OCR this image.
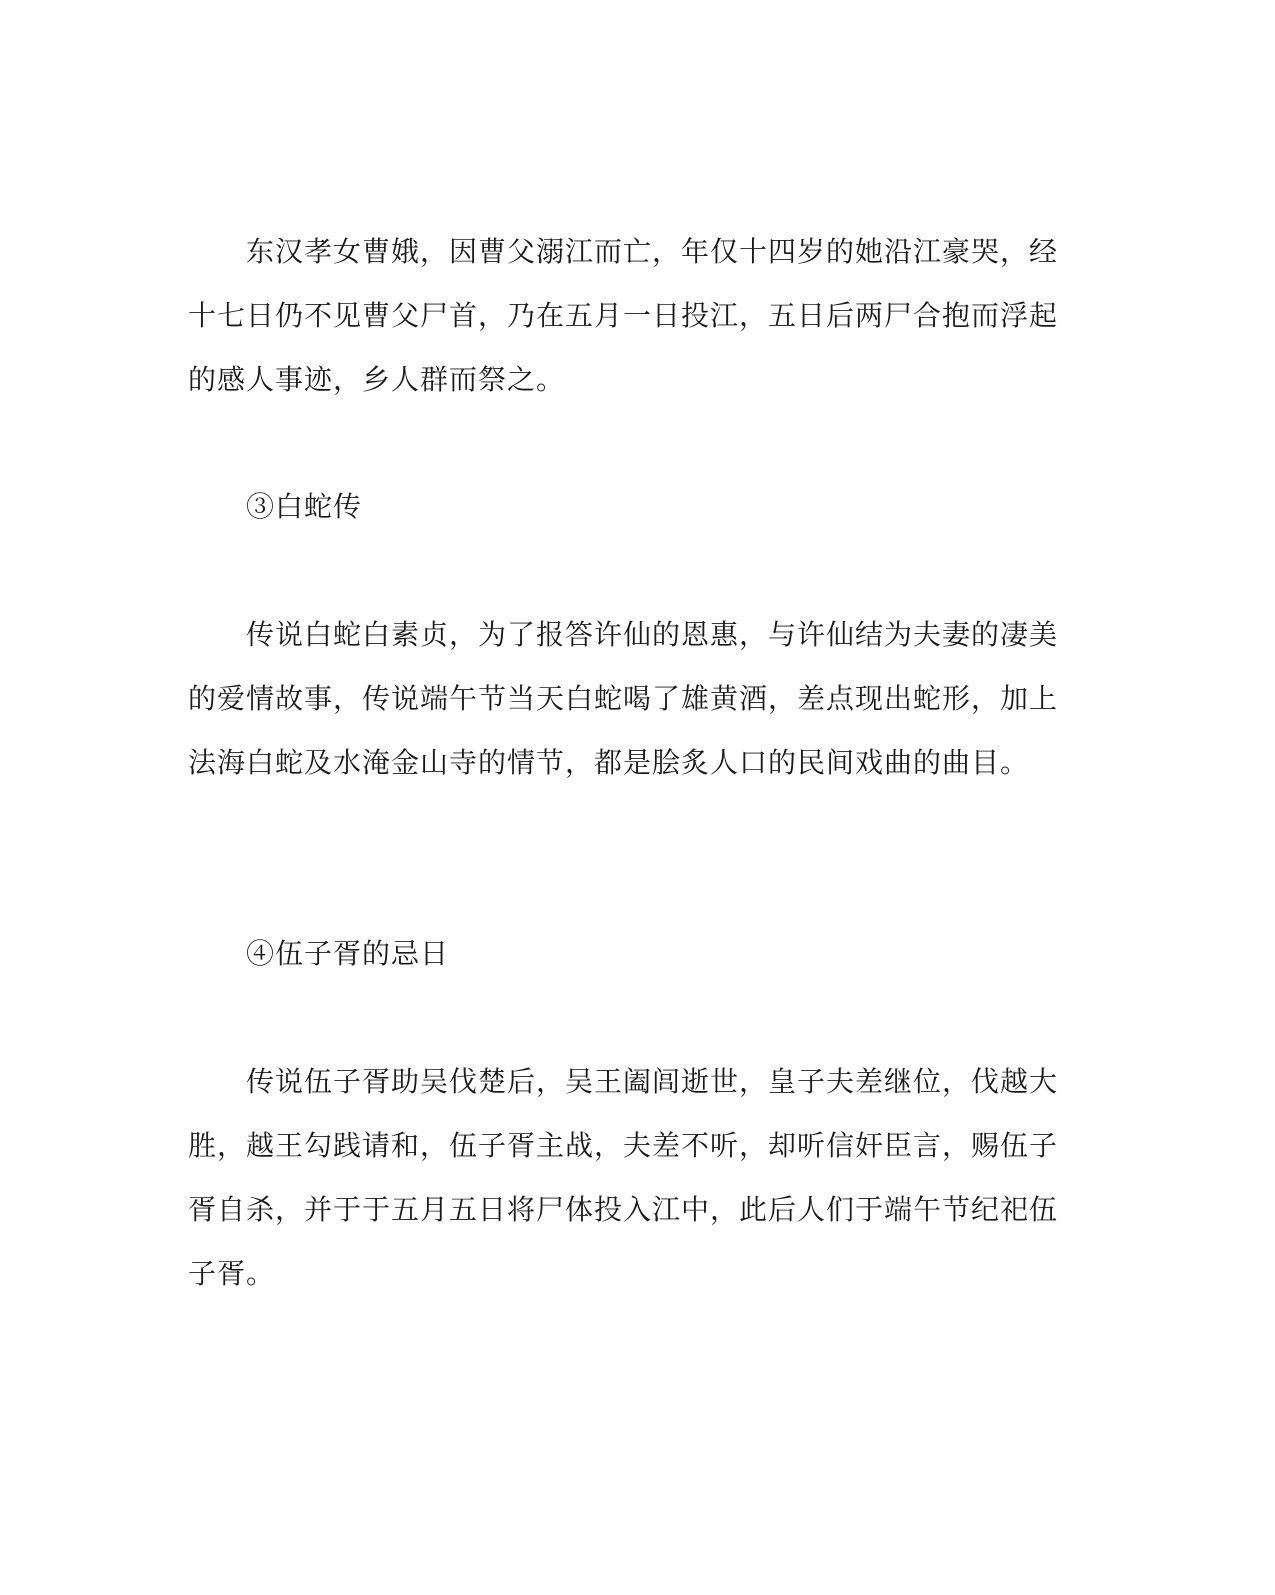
东汉孝女曹娥，因曹父溺江而亡，年仅十四岁的她沿江豪哭，经十七日仍不见曹父尸首，乃在五月一日投江，五日后两尸合抱而浮起的感人事迹，乡人群而祭之。

③白蛇传

传说白蛇白素贞，为了报答许仙的恩惠，与许仙结为夫妻的凄美的爱情故事，传说端午节当天白蛇喝了雄黄酒，差点现出蛇形，加上法海白蛇及水淹金山寺的情节，都是脍炙人口的民间戏曲的曲目。

④伍子胥的忌日

传说伍子胥助吴伐楚后，吴王阖闾逝世，皇子夫差继位，伐越大胜，越王勾践请和，伍子胥主战，夫差不听，却听信奸臣言，赐伍子胥自杀，并于于五月五日将尸体投入江中，此后人们于端午节纪祀伍子胥。
